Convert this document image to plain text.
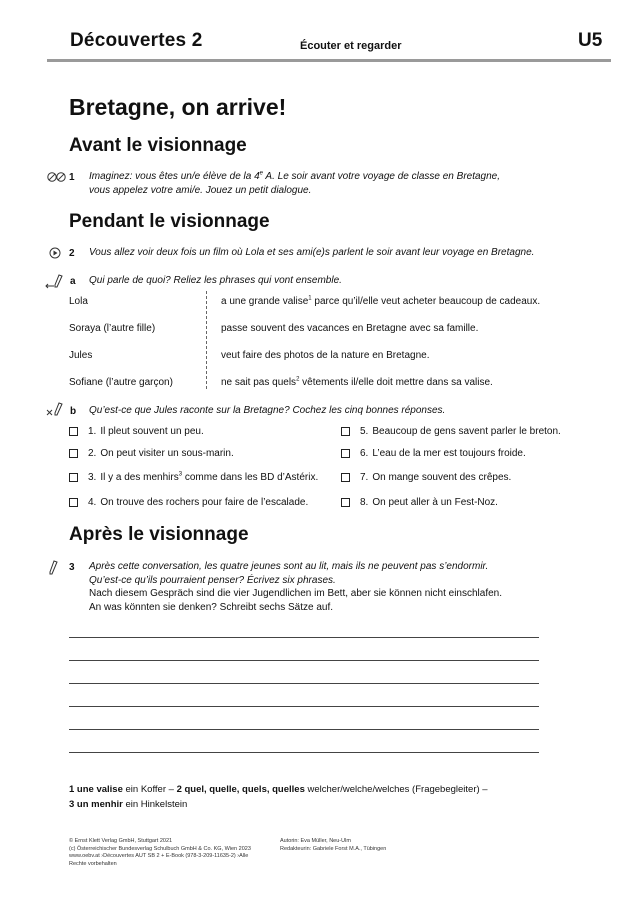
Découvertes 2	Écouter et regarder	U5
Bretagne, on arrive!
Avant le visionnage
1 Imaginez: vous êtes un/e élève de la 4e A. Le soir avant votre voyage de classe en Bretagne,
vous appelez votre ami/e. Jouez un petit dialogue.
Pendant le visionnage
2 Vous allez voir deux fois un film où Lola et ses ami(e)s parlent le soir avant leur voyage en Bretagne.
a Qui parle de quoi? Reliez les phrases qui vont ensemble.
Lola
Soraya (l’autre fille)
Jules
Sofiane (l’autre garçon)
a une grande valise$^1$ parce qu’il/elle veut acheter beaucoup de cadeaux.
passe souvent des vacances en Bretagne avec sa famille.
veut faire des photos de la nature en Bretagne.
ne sait pas quels$^2$ vêtements il/elle doit mettre dans sa valise.
b Qu’est-ce que Jules raconte sur la Bretagne? Cochez les cinq bonnes réponses.
1. Il pleut souvent un peu.
2. On peut visiter un sous-marin.
3. Il y a des menhirs$^3$ comme dans les BD d’Astérix.
4. On trouve des rochers pour faire de l’escalade.
5. Beaucoup de gens savent parler le breton.
6. L’eau de la mer est toujours froide.
7. On mange souvent des crêpes.
8. On peut aller à un Fest-Noz.
Après le visionnage
3 Après cette conversation, les quatre jeunes sont au lit, mais ils ne peuvent pas s’endormir.
Qu’est-ce qu’ils pourraient penser? Écrivez six phrases.
Nach diesem Gespräch sind die vier Jugendlichen im Bett, aber sie können nicht einschlafen.
An was könnten sie denken? Schreibt sechs Sätze auf.
1 une valise ein Koffer – 2 quel, quelle, quels, quelles welcher/welche/welches (Fragebegleiter) –
3 un menhir ein Hinkelstein
© Ernst Klett Verlag GmbH, Stuttgart 2021
(c) Österreichischer Bundesverlag Schulbuch GmbH & Co. KG, Wien 2023
www.oebv.at ›Découvertes AUT SB 2 + E-Book (978-3-209-11635-2) ›Alle
Rechte vorbehalten
Autorin: Eva Müller, Neu-Ulm
Redakteurin: Gabriele Forst M.A., Tübingen
